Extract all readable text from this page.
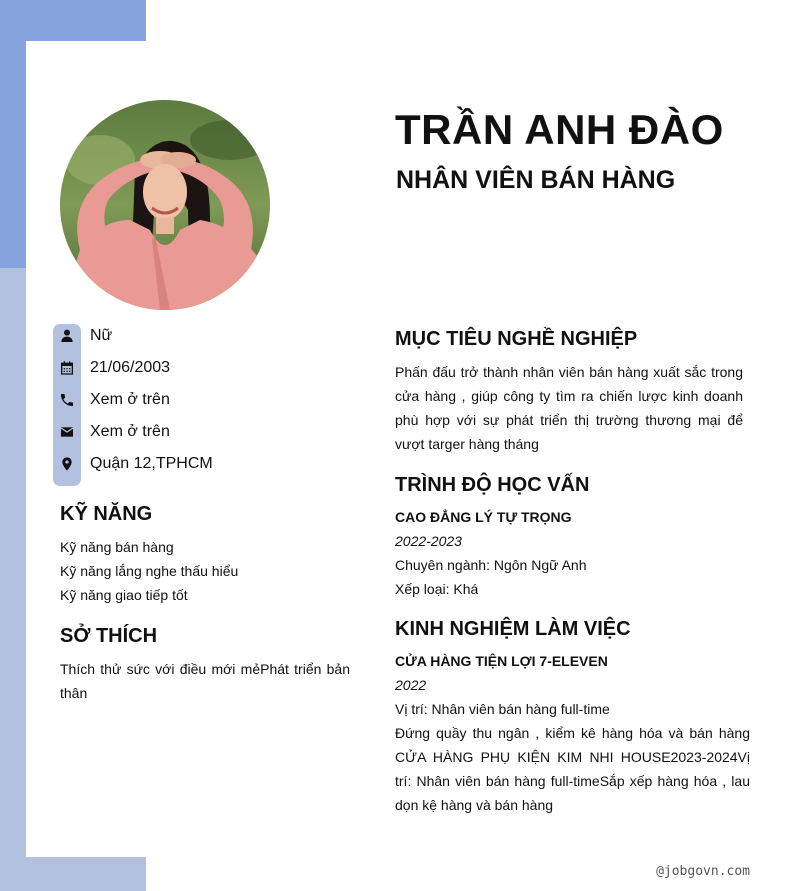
TRẦN ANH ĐÀO
NHÂN VIÊN BÁN HÀNG
Nữ
21/06/2003
Xem ở trên
Xem ở trên
Quận 12,TPHCM
KỸ NĂNG

Kỹ năng bán hàng

Kỹ năng lắng nghe thấu hiểu

Kỹ năng giao tiếp tốt

SỞ THÍCH

Thích thử sức với điều mới mẻPhát triển bản thân

MỤC TIÊU NGHỀ NGHIỆP

Phấn đấu trở thành nhân viên bán hàng xuất sắc trong cửa hàng , giúp công ty tìm ra chiến lược kinh doanh phù hợp với sự phát triển thị trường thương mại để vượt targer hàng tháng

TRÌNH ĐỘ HỌC VẤN

CAO ĐẲNG LÝ TỰ TRỌNG

2022-2023

Chuyên ngành: Ngôn Ngữ Anh

Xếp loại: Khá

KINH NGHIỆM LÀM VIỆC

CỬA HÀNG TIỆN LỢI 7-ELEVEN

2022

Vị trí: Nhân viên bán hàng full-time

Đứng quầy thu ngân , kiểm kê hàng hóa và bán hàng CỬA HÀNG PHỤ KIỆN KIM NHI HOUSE2023-2024Vị trí: Nhân viên bán hàng full-timeSắp xếp hàng hóa , lau dọn kệ hàng và bán hàng

@jobgovn.com
